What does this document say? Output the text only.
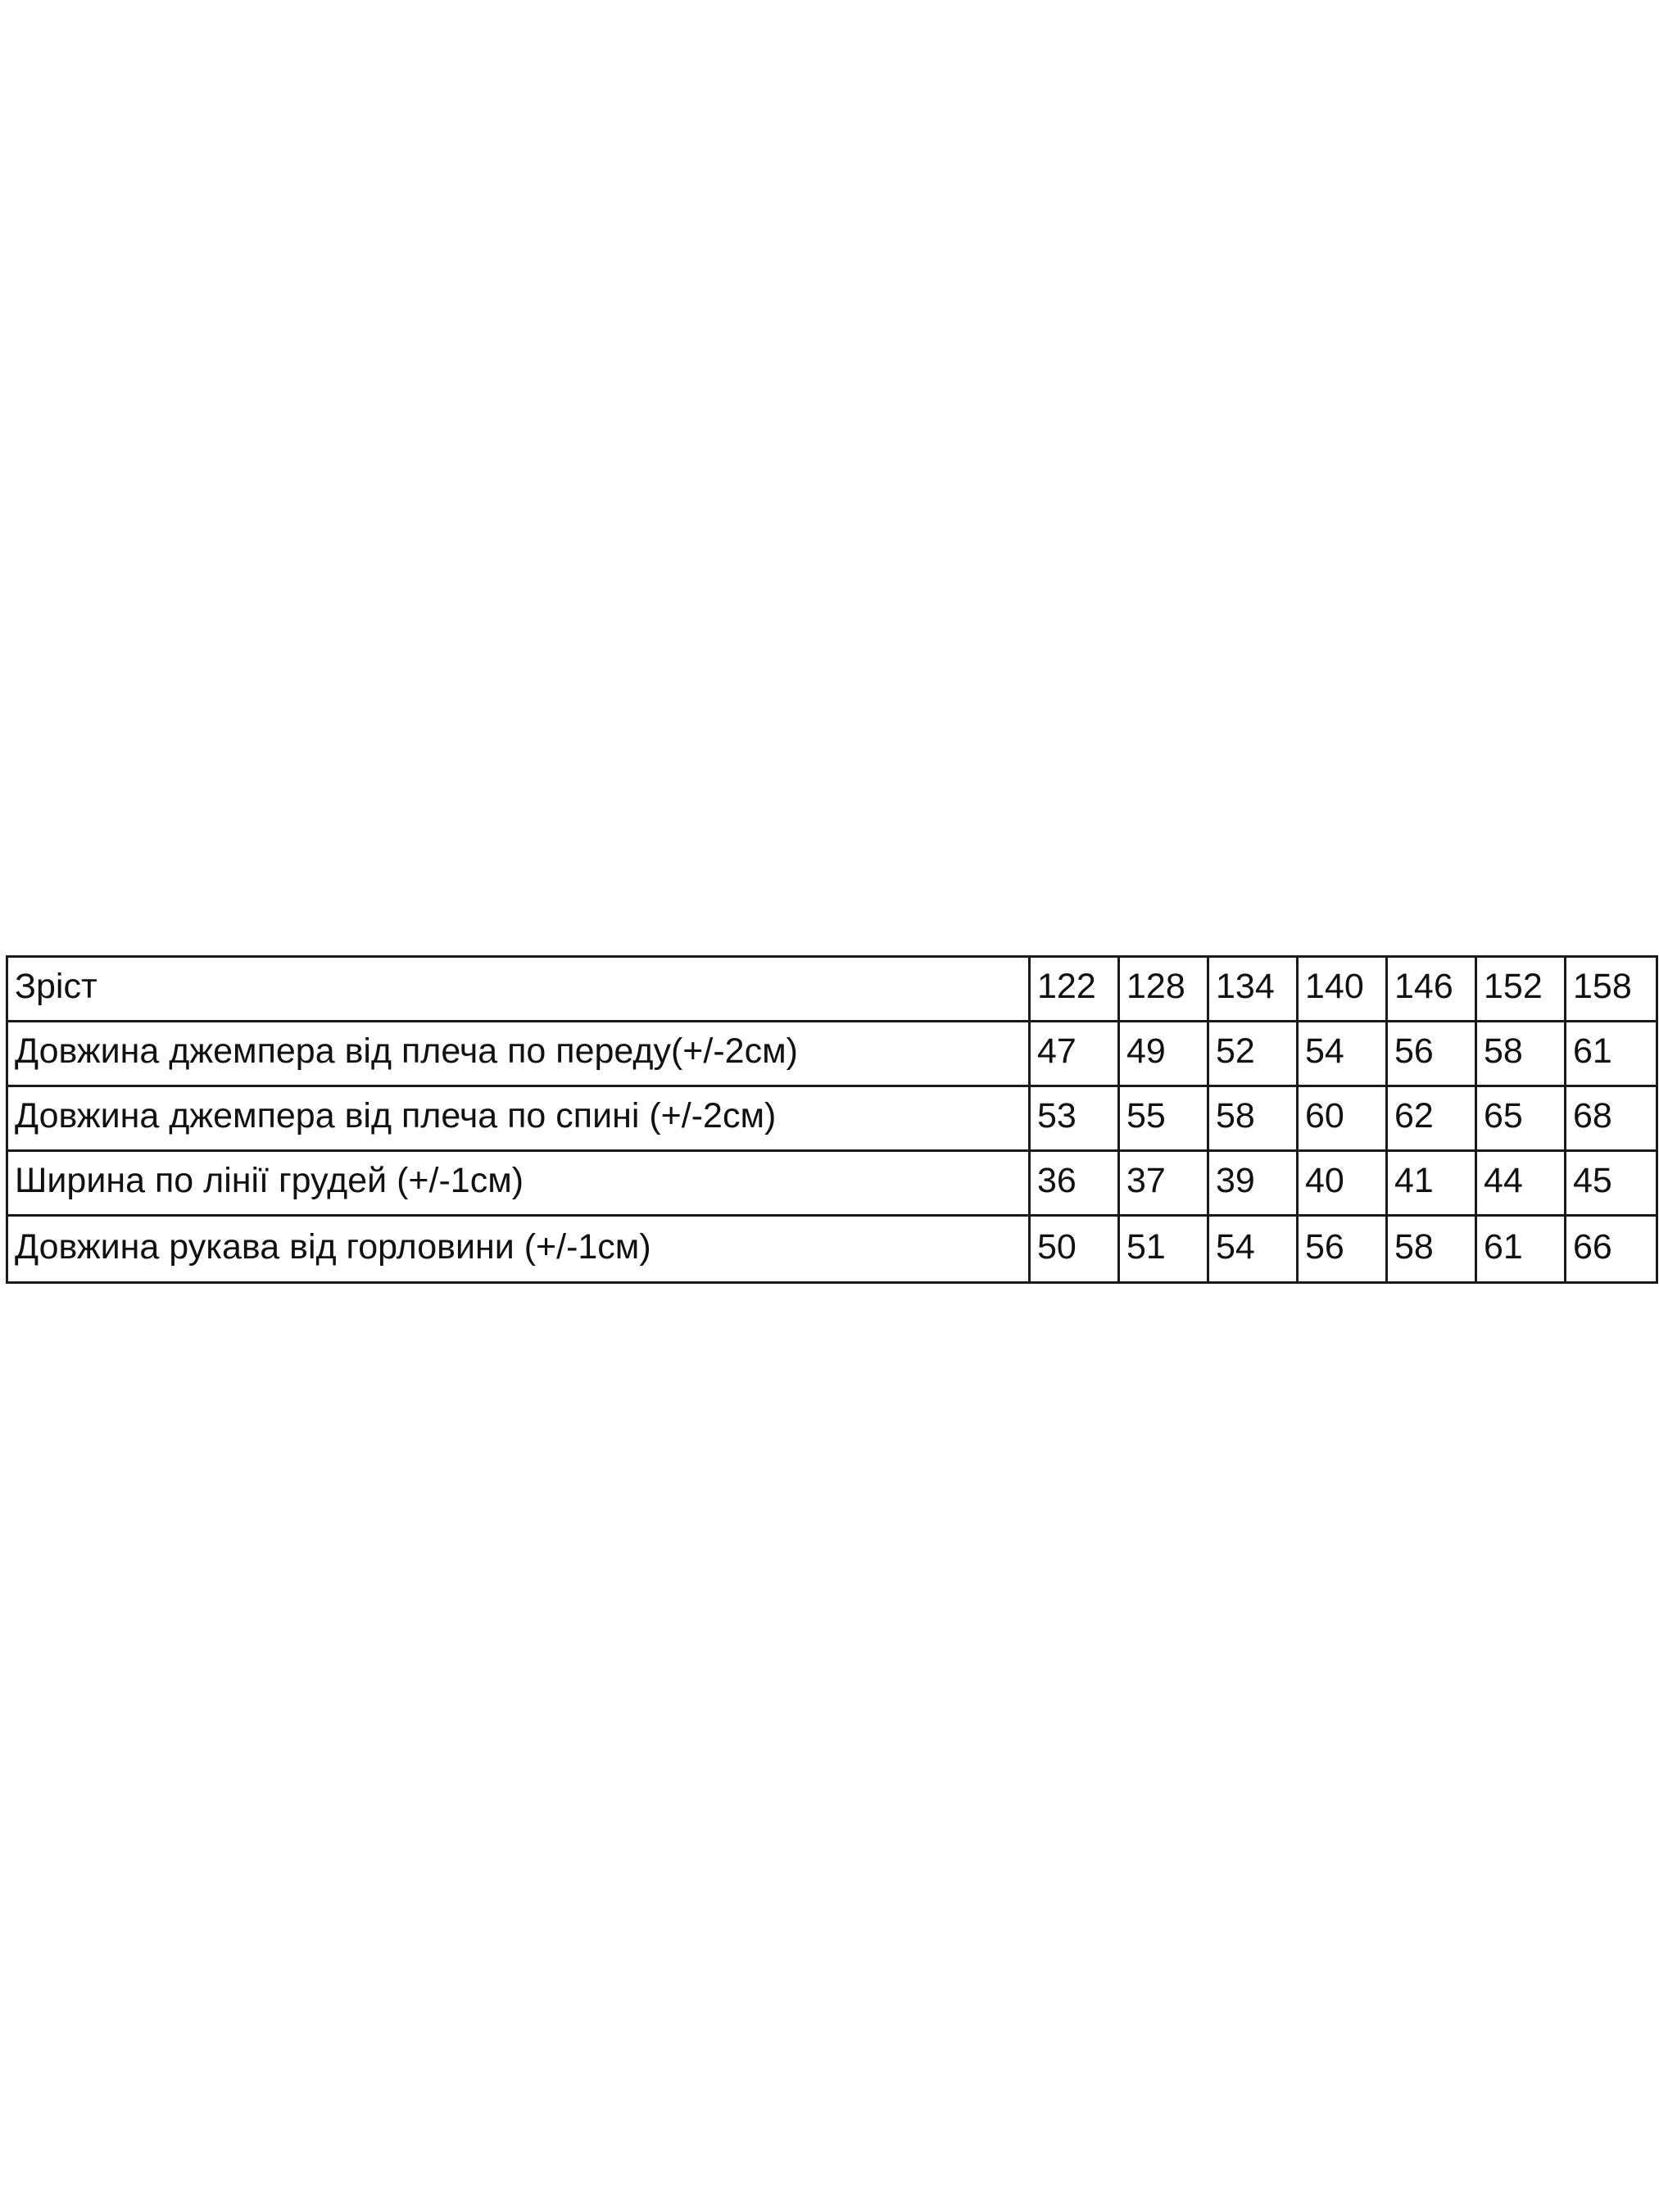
Зріст	122	128	134	140	146	152	158
Довжина джемпера від плеча по переду(+/-2см)	47	49	52	54	56	58	61
Довжина джемпера від плеча по спині (+/-2см)	53	55	58	60	62	65	68
Ширина по лінії грудей (+/-1см)	36	37	39	40	41	44	45
Довжина рукава від горловини (+/-1см)	50	51	54	56	58	61	66
